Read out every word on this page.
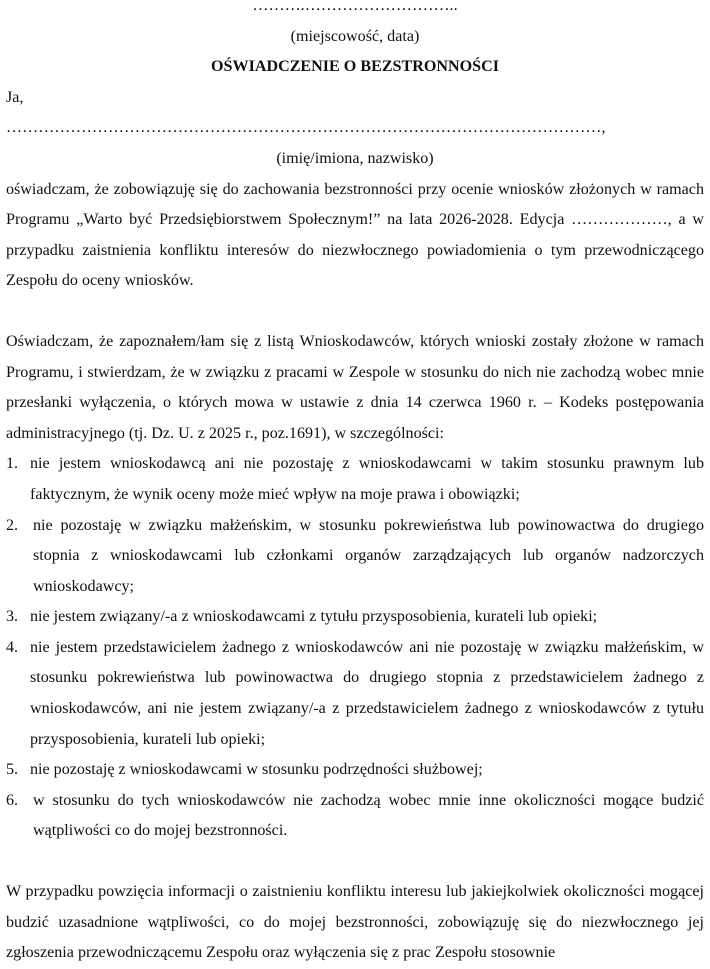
……….………………………..
(miejscowość, data)
OŚWIADCZENIE O BEZSTRONNOŚCI
Ja,
…………………………………………………………………………………………………,
(imię/imiona, nazwisko)

oświadczam, że zobowiązuję się do zachowania bezstronności przy ocenie wniosków złożonych w ramach Programu „Warto być Przedsiębiorstwem Społecznym!” na lata 2026-2028. Edycja ………………, a w przypadku zaistnienia konfliktu interesów do niezwłocznego powiadomienia o tym przewodniczącego Zespołu do oceny wniosków.

Oświadczam, że zapoznałem/łam się z listą Wnioskodawców, których wnioski zostały złożone w ramach Programu, i stwierdzam, że w związku z pracami w Zespole w stosunku do nich nie zachodzą wobec mnie przesłanki wyłączenia, o których mowa w ustawie z dnia 14 czerwca 1960 r. – Kodeks postępowania administracyjnego (tj. Dz. U. z 2025 r., poz.1691), w szczególności:

1. nie jestem wnioskodawcą ani nie pozostaję z wnioskodawcami w takim stosunku prawnym lub faktycznym, że wynik oceny może mieć wpływ na moje prawa i obowiązki;
2. nie pozostaję w związku małżeńskim, w stosunku pokrewieństwa lub powinowactwa do drugiego stopnia z wnioskodawcami lub członkami organów zarządzających lub organów nadzorczych wnioskodawcy;
3. nie jestem związany/-a z wnioskodawcami z tytułu przysposobienia, kurateli lub opieki;
4. nie jestem przedstawicielem żadnego z wnioskodawców ani nie pozostaję w związku małżeńskim, w stosunku pokrewieństwa lub powinowactwa do drugiego stopnia z przedstawicielem żadnego z wnioskodawców, ani nie jestem związany/-a z przedstawicielem żadnego z wnioskodawców z tytułu przysposobienia, kurateli lub opieki;
5. nie pozostaję z wnioskodawcami w stosunku podrzędności służbowej;
6. w stosunku do tych wnioskodawców nie zachodzą wobec mnie inne okoliczności mogące budzić wątpliwości co do mojej bezstronności.

W przypadku powzięcia informacji o zaistnieniu konfliktu interesu lub jakiejkolwiek okoliczności mogącej budzić uzasadnione wątpliwości, co do mojej bezstronności, zobowiązuję się do niezwłocznego jej zgłoszenia przewodniczącemu Zespołu oraz wyłączenia się z prac Zespołu stosownie
